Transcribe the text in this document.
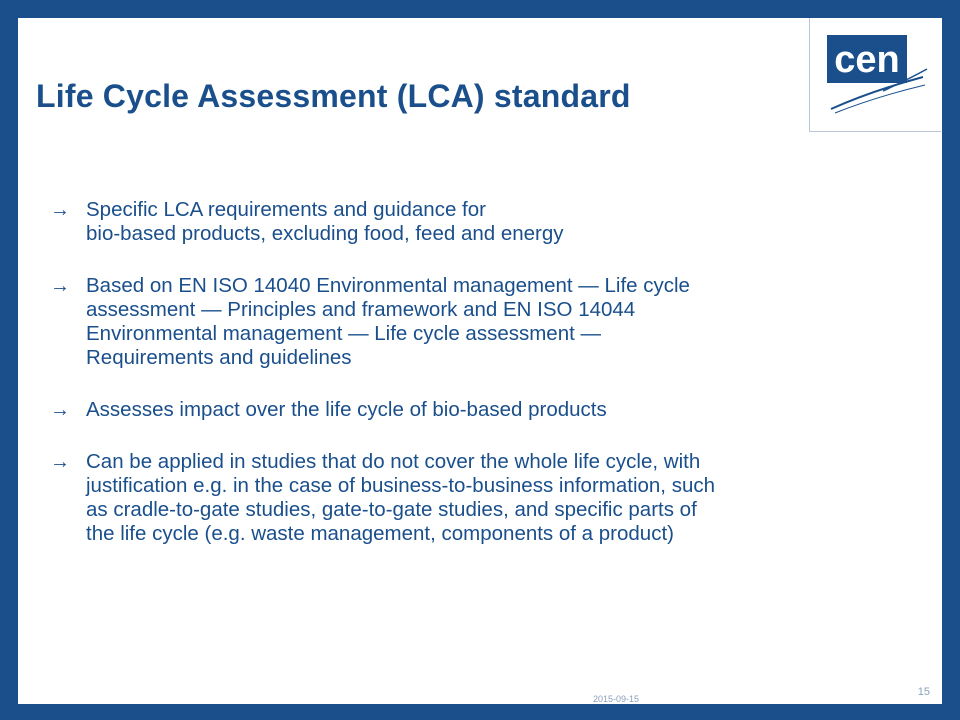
Life Cycle Assessment (LCA) standard
cen
→ Specific LCA requirements and guidance for
bio-based products, excluding food, feed and energy
→ Based on EN ISO 14040 Environmental management — Life cycle
assessment — Principles and framework and EN ISO 14044
Environmental management — Life cycle assessment —
Requirements and guidelines
→ Assesses impact over the life cycle of bio-based products
→ Can be applied in studies that do not cover the whole life cycle, with
justification e.g. in the case of business-to-business information, such
as cradle-to-gate studies, gate-to-gate studies, and specific parts of
the life cycle (e.g. waste management, components of a product)
15
2015-09-15
